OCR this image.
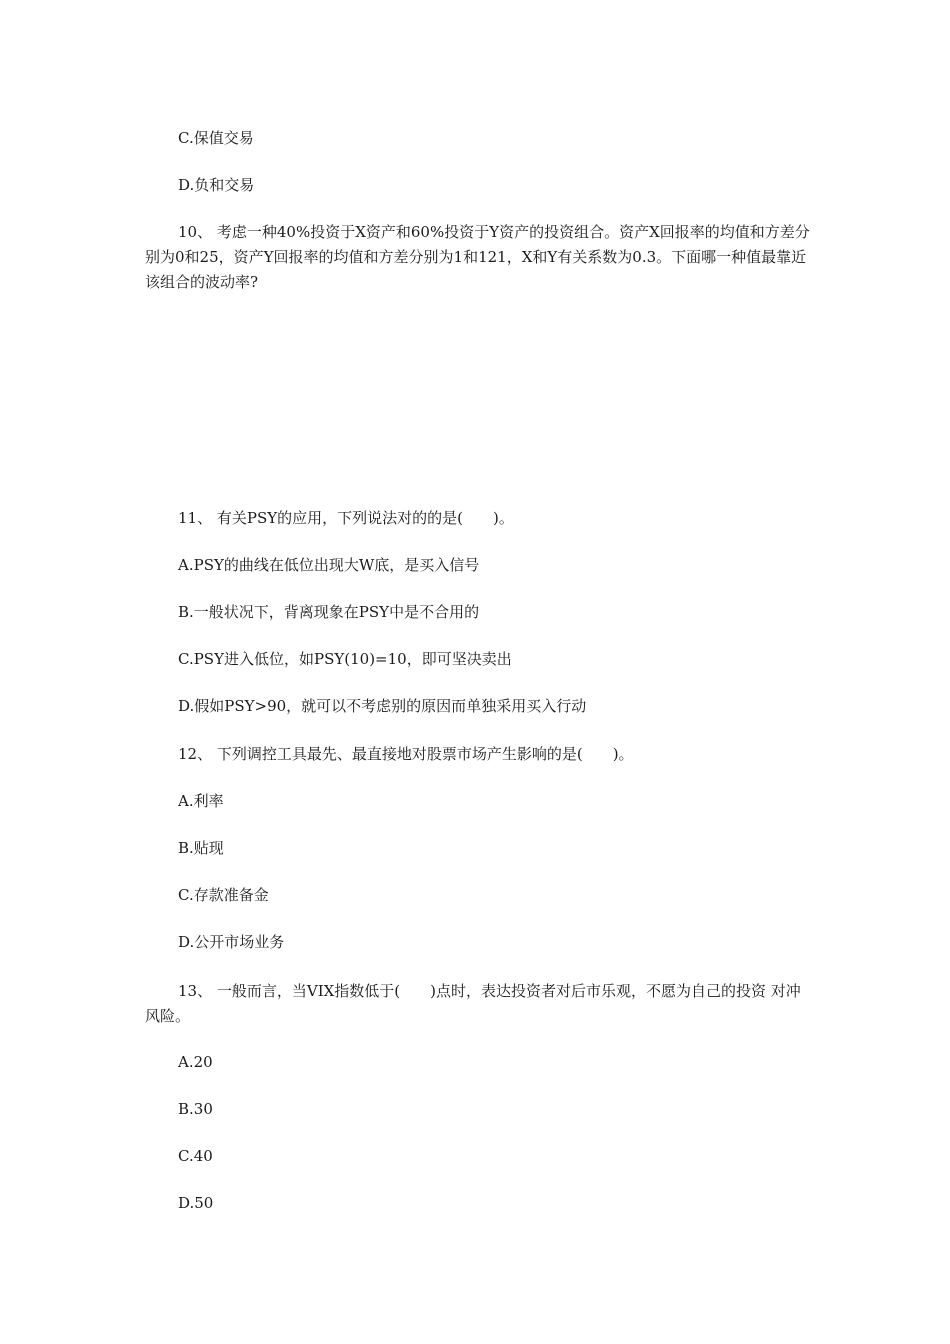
C.保值交易
D.负和交易
10、 考虑一种40%投资于X资产和60%投资于Y资产的投资组合。资产X回报率的均值和方差分别为0和25，资产Y回报率的均值和方差分别为1和121，X和Y有关系数为0.3。下面哪一种值最靠近该组合的波动率?
11、 有关PSY的应用，下列说法对的的是(　　)。
A.PSY的曲线在低位出现大W底，是买入信号
B.一般状况下，背离现象在PSY中是不合用的
C.PSY进入低位，如PSY(10)=10，即可坚决卖出
D.假如PSY>90，就可以不考虑别的原因而单独采用买入行动
12、 下列调控工具最先、最直接地对股票市场产生影响的是(　　)。
A.利率
B.贴现
C.存款准备金
D.公开市场业务
13、 一般而言，当VIX指数低于(　　)点时，表达投资者对后市乐观，不愿为自己的投资 对冲风险。
A.20
B.30
C.40
D.50
